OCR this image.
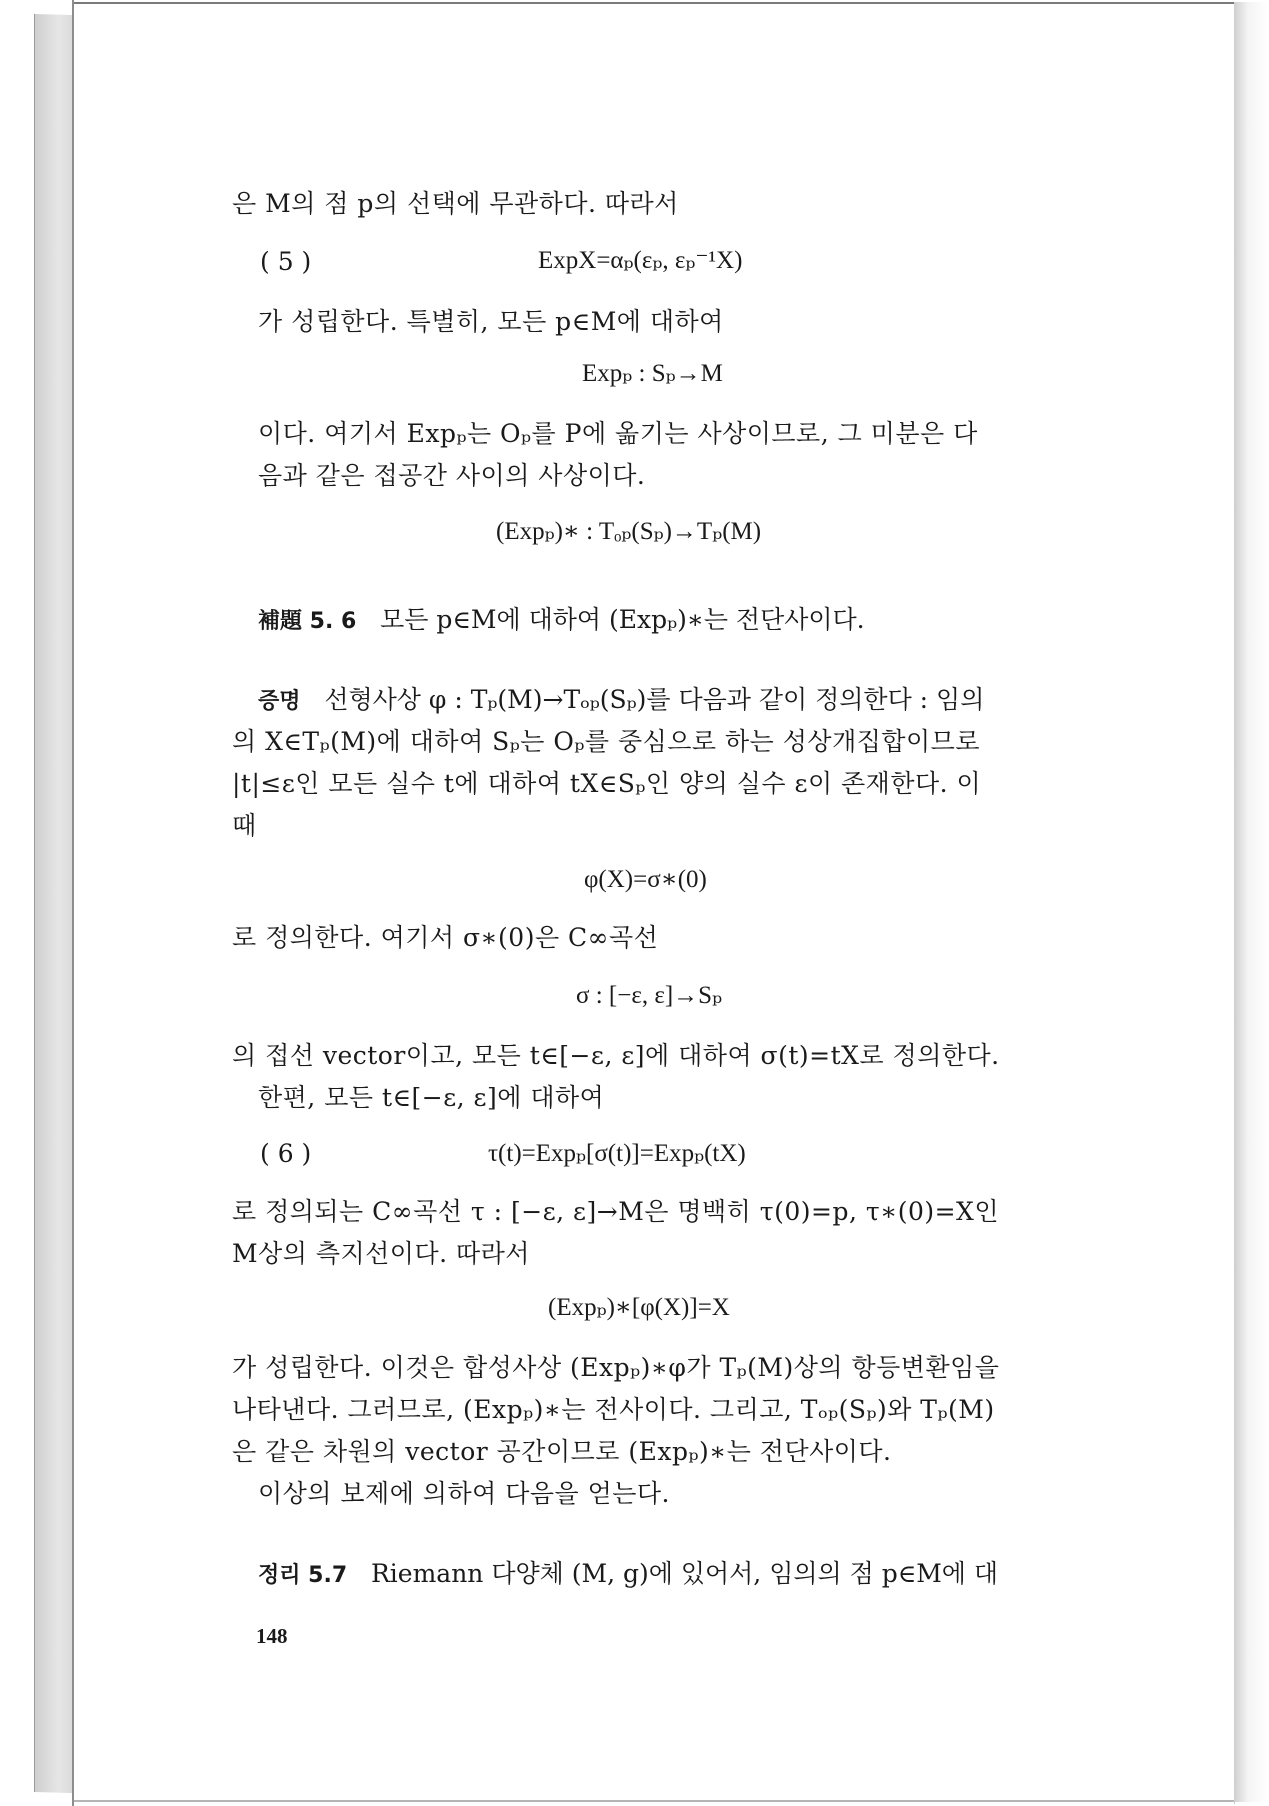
은 M의 점 p의 선택에 무관하다. 따라서
( 5 )	ExpX=αₚ(εₚ, εₚ⁻¹X)
가 성립한다. 특별히, 모든 p∈M에 대하여
Expₚ : Sₚ→M
이다. 여기서 Expₚ는 Oₚ를 P에 옮기는 사상이므로, 그 미분은 다
음과 같은 접공간 사이의 사상이다.
(Expₚ)∗ : Tₒₚ(Sₚ)→Tₚ(M)
補題 5. 6 모든 p∈M에 대하여 (Expₚ)∗는 전단사이다.
증명 선형사상 φ : Tₚ(M)→Tₒₚ(Sₚ)를 다음과 같이 정의한다 : 임의
의 X∈Tₚ(M)에 대하여 Sₚ는 Oₚ를 중심으로 하는 성상개집합이므로
|t|≤ε인 모든 실수 t에 대하여 tX∈Sₚ인 양의 실수 ε이 존재한다. 이
때
φ(X)=σ∗(0)
로 정의한다. 여기서 σ∗(0)은 C∞곡선
σ : [−ε, ε]→Sₚ
의 접선 vector이고, 모든 t∈[−ε, ε]에 대하여 σ(t)=tX로 정의한다.
한편, 모든 t∈[−ε, ε]에 대하여
( 6 )	τ(t)=Expₚ[σ(t)]=Expₚ(tX)
로 정의되는 C∞곡선 τ : [−ε, ε]→M은 명백히 τ(0)=p, τ∗(0)=X인
M상의 측지선이다. 따라서
(Expₚ)∗[φ(X)]=X
가 성립한다. 이것은 합성사상 (Expₚ)∗φ가 Tₚ(M)상의 항등변환임을
나타낸다. 그러므로, (Expₚ)∗는 전사이다. 그리고, Tₒₚ(Sₚ)와 Tₚ(M)
은 같은 차원의 vector 공간이므로 (Expₚ)∗는 전단사이다.
이상의 보제에 의하여 다음을 얻는다.
정리 5.7 Riemann 다양체 (M, g)에 있어서, 임의의 점 p∈M에 대
148
